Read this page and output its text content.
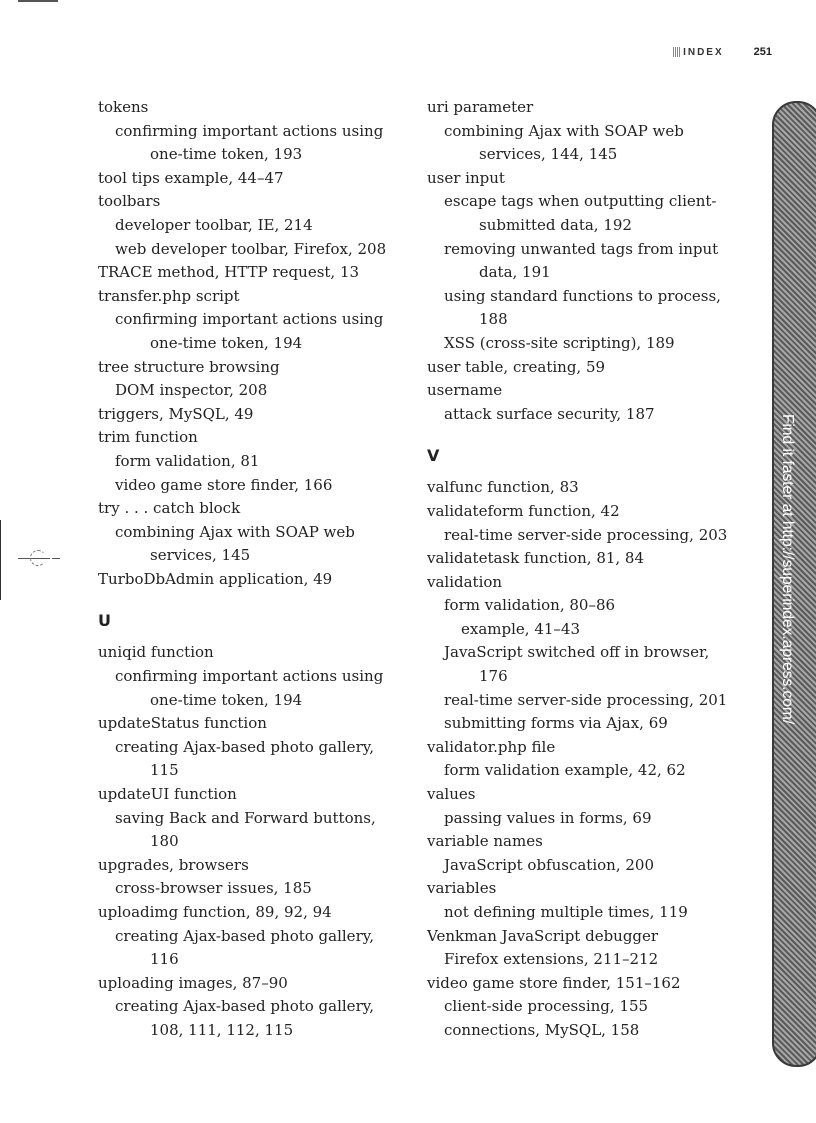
INDEX	251
tokens
confirming important actions using
one-time token, 193
tool tips example, 44–47
toolbars
developer toolbar, IE, 214
web developer toolbar, Firefox, 208
TRACE method, HTTP request, 13
transfer.php script
confirming important actions using
one-time token, 194
tree structure browsing
DOM inspector, 208
triggers, MySQL, 49
trim function
form validation, 81
video game store finder, 166
try . . . catch block
combining Ajax with SOAP web
services, 145
TurboDbAdmin application, 49
U
uniqid function
confirming important actions using
one-time token, 194
updateStatus function
creating Ajax-based photo gallery,
115
updateUI function
saving Back and Forward buttons,
180
upgrades, browsers
cross-browser issues, 185
uploadimg function, 89, 92, 94
creating Ajax-based photo gallery,
116
uploading images, 87–90
creating Ajax-based photo gallery,
108, 111, 112, 115
uri parameter
combining Ajax with SOAP web
services, 144, 145
user input
escape tags when outputting client-
submitted data, 192
removing unwanted tags from input
data, 191
using standard functions to process,
188
XSS (cross-site scripting), 189
user table, creating, 59
username
attack surface security, 187
V
valfunc function, 83
validateform function, 42
real-time server-side processing, 203
validatetask function, 81, 84
validation
form validation, 80–86
example, 41–43
JavaScript switched off in browser,
176
real-time server-side processing, 201
submitting forms via Ajax, 69
validator.php file
form validation example, 42, 62
values
passing values in forms, 69
variable names
JavaScript obfuscation, 200
variables
not defining multiple times, 119
Venkman JavaScript debugger
Firefox extensions, 211–212
video game store finder, 151–162
client-side processing, 155
connections, MySQL, 158
Find it faster at http://superindex.apress.com/
